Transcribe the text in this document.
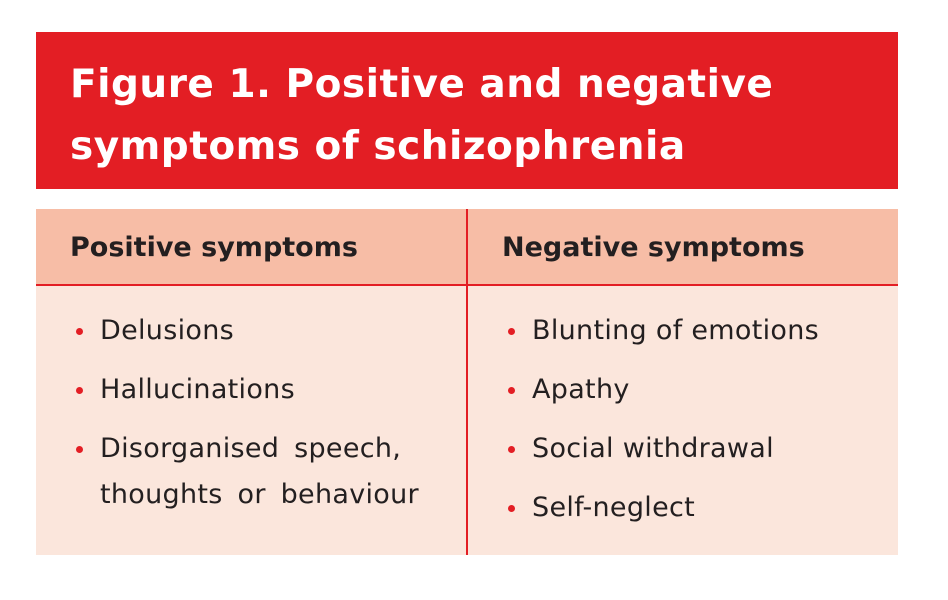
Figure 1. Positive and negative
symptoms of schizophrenia
Positive symptoms	Negative symptoms
Delusions
Hallucinations
Disorganised speech, thoughts or behaviour
Blunting of emotions
Apathy
Social withdrawal
Self-neglect
